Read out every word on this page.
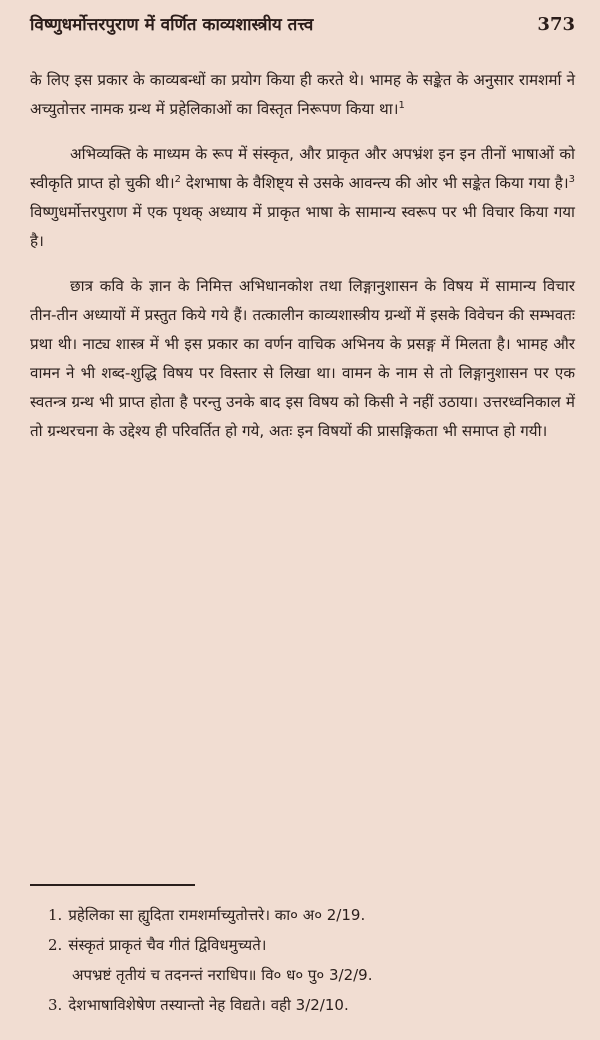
विष्णुधर्मोत्तरपुराण में वर्णित काव्यशास्त्रीय तत्त्व	373

के लिए इस प्रकार के काव्यबन्धों का प्रयोग किया ही करते थे। भामह के सङ्केत के अनुसार रामशर्मा ने अच्युतोत्तर नामक ग्रन्थ में प्रहेलिकाओं का विस्तृत निरूपण किया था।$^1$

अभिव्यक्ति के माध्यम के रूप में संस्कृत, और प्राकृत और अपभ्रंश इन इन तीनों भाषाओं को स्वीकृति प्राप्त हो चुकी थी।$^2$ देशभाषा के वैशिष्ट्य से उसके आवन्त्य की ओर भी सङ्केत किया गया है।$^3$ विष्णुधर्मोत्तरपुराण में एक पृथक् अध्याय में प्राकृत भाषा के सामान्य स्वरूप पर भी विचार किया गया है।

छात्र कवि के ज्ञान के निमित्त अभिधानकोश तथा लिङ्गानुशासन के विषय में सामान्य विचार तीन-तीन अध्यायों में प्रस्तुत किये गये हैं। तत्कालीन काव्यशास्त्रीय ग्रन्थों में इसके विवेचन की सम्भवतः प्रथा थी। नाट्य शास्त्र में भी इस प्रकार का वर्णन वाचिक अभिनय के प्रसङ्ग में मिलता है। भामह और वामन ने भी शब्द-शुद्धि विषय पर विस्तार से लिखा था। वामन के नाम से तो लिङ्गानुशासन पर एक स्वतन्त्र ग्रन्थ भी प्राप्त होता है परन्तु उनके बाद इस विषय को किसी ने नहीं उठाया। उत्तरध्वनिकाल में तो ग्रन्थरचना के उद्देश्य ही परिवर्तित हो गये, अतः इन विषयों की प्रासङ्गिकता भी समाप्त हो गयी।

1. प्रहेलिका सा ह्युदिता रामशर्माच्युतोत्तरे। का० अ० 2/19.
2. संस्कृतं प्राकृतं चैव गीतं द्विविधमुच्यते।
अपभ्रष्टं तृतीयं च तदनन्तं नराधिप॥ वि० ध० पु० 3/2/9.
3. देशभाषाविशेषेण तस्यान्तो नेह विद्यते। वही 3/2/10.
